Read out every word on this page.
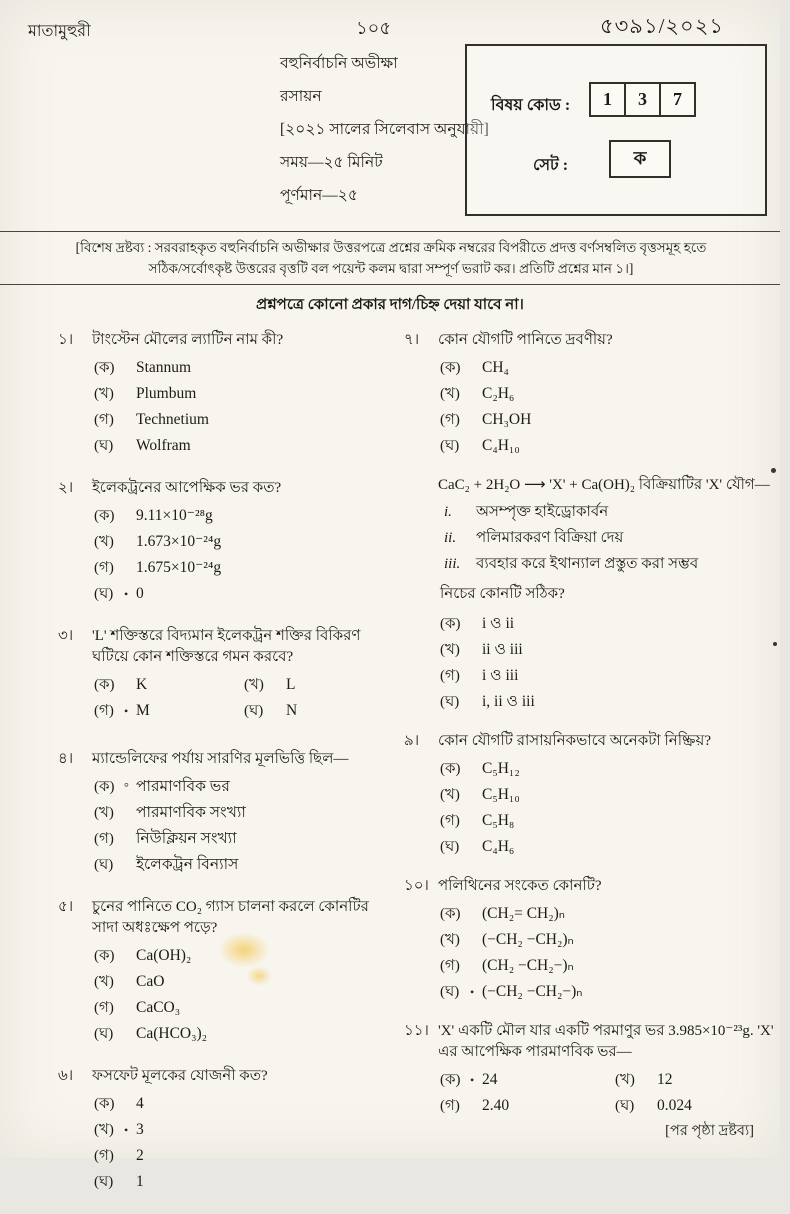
মাতামুহুরী	১০৫	৫৩৯১/২০২১
বহুনির্বাচনি অভীক্ষা
রসায়ন
[২০২১ সালের সিলেবাস অনুযায়ী]
সময়—২৫ মিনিট
পূর্ণমান—২৫
বিষয় কোড :	1	3	7
সেট :	ক
[বিশেষ দ্রষ্টব্য : সরবরাহকৃত বহুনির্বাচনি অভীক্ষার উত্তরপত্রে প্রশ্নের ক্রমিক নম্বরের বিপরীতে প্রদত্ত বর্ণসম্বলিত বৃত্তসমূহ হতে সঠিক/সর্বোৎকৃষ্ট উত্তরের বৃত্তটি বল পয়েন্ট কলম দ্বারা সম্পূর্ণ ভরাট কর। প্রতিটি প্রশ্নের মান ১।]
প্রশ্নপত্রে কোনো প্রকার দাগ/চিহ্ন দেয়া যাবে না।
১।	টাংস্টেন মৌলের ল্যাটিন নাম কী?
(ক)	Stannum
(খ)	Plumbum
(গ)	Technetium
(ঘ)	Wolfram
২।	ইলেকট্রনের আপেক্ষিক ভর কত?
(ক)	9.11×10⁻²⁸g
(খ)	1.673×10⁻²⁴g
(গ)	1.675×10⁻²⁴g
(ঘ) • 0
৩।	'L' শক্তিস্তরে বিদ্যমান ইলেকট্রন শক্তির বিকিরণ ঘটিয়ে কোন শক্তিস্তরে গমন করবে?
(ক)	K	(খ)	L
(গ) • M	(ঘ)	N
৪।	ম্যান্ডেলিফের পর্যায় সারণির মূলভিত্তি ছিল—
(ক) ° পারমাণবিক ভর
(খ)	পারমাণবিক সংখ্যা
(গ)	নিউক্লিয়ন সংখ্যা
(ঘ)	ইলেকট্রন বিন্যাস
৫।	চুনের পানিতে CO₂ গ্যাস চালনা করলে কোনটির সাদা অধঃক্ষেপ পড়ে?
(ক)	Ca(OH)₂
(খ)	CaO
(গ)	CaCO₃
(ঘ)	Ca(HCO₃)₂
৬।	ফসফেট মূলকের যোজনী কত?
(ক)	4
(খ) • 3
(গ)	2
(ঘ)	1
৭।	কোন যৌগটি পানিতে দ্রবণীয়?
(ক)	CH₄
(খ)	C₂H₆
(গ)	CH₃OH
(ঘ)	C₄H₁₀
CaC₂ + 2H₂O ⟶ 'X' + Ca(OH)₂ বিক্রিয়াটির 'X' যৌগ—
i.	অসম্পৃক্ত হাইড্রোকার্বন
ii.	পলিমারকরণ বিক্রিয়া দেয়
iii.	ব্যবহার করে ইথান্যাল প্রস্তুত করা সম্ভব
নিচের কোনটি সঠিক?
(ক)	i ও ii
(খ)	ii ও iii
(গ)	i ও iii
(ঘ)	i, ii ও iii
৯।	কোন যৌগটি রাসায়নিকভাবে অনেকটা নিষ্ক্রিয়?
(ক)	C₅H₁₂
(খ)	C₅H₁₀
(গ)	C₅H₈
(ঘ)	C₄H₆
১০। পলিথিনের সংকেত কোনটি?
(ক)	(CH₂= CH₂)ₙ
(খ)	(−CH₂ −CH₂)ₙ
(গ)	(CH₂ −CH₂−)ₙ
(ঘ) • (−CH₂ −CH₂−)ₙ
১১। 'X' একটি মৌল যার একটি পরমাণুর ভর 3.985×10⁻²³g. 'X' এর আপেক্ষিক পারমাণবিক ভর—
(ক) • 24	(খ)	12
(গ)	2.40	(ঘ)	0.024
[পর পৃষ্ঠা দ্রষ্টব্য]
